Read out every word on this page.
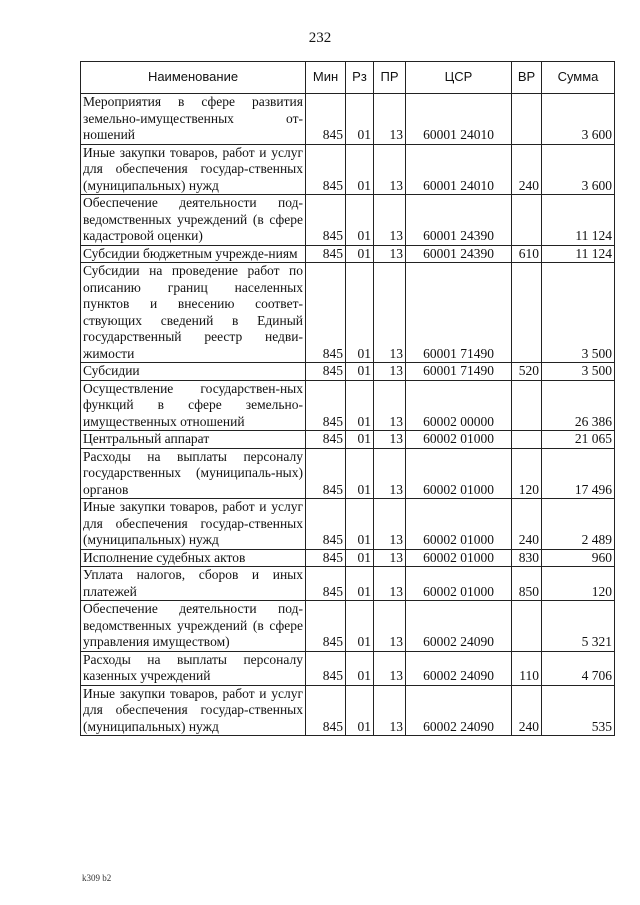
232
Наименование	Мин	Рз	ПР	ЦСР	ВР	Сумма
Мероприятия в сфере развития земельно-имущественных от-ношений	845	01	13	60001 24010		3 600
Иные закупки товаров, работ и услуг для обеспечения государ-ственных (муниципальных) нужд	845	01	13	60001 24010	240	3 600
Обеспечение деятельности под-ведомственных учреждений (в сфере кадастровой оценки)	845	01	13	60001 24390		11 124
Субсидии бюджетным учрежде-ниям	845	01	13	60001 24390	610	11 124
Субсидии на проведение работ по описанию границ населенных пунктов и внесению соответ-ствующих сведений в Единый государственный реестр недви-жимости	845	01	13	60001 71490		3 500
Субсидии	845	01	13	60001 71490	520	3 500
Осуществление государствен-ных функций в сфере земельно-имущественных отношений	845	01	13	60002 00000		26 386
Центральный аппарат	845	01	13	60002 01000		21 065
Расходы на выплаты персоналу государственных (муниципаль-ных) органов	845	01	13	60002 01000	120	17 496
Иные закупки товаров, работ и услуг для обеспечения государ-ственных (муниципальных) нужд	845	01	13	60002 01000	240	2 489
Исполнение судебных актов	845	01	13	60002 01000	830	960
Уплата налогов, сборов и иных платежей	845	01	13	60002 01000	850	120
Обеспечение деятельности под-ведомственных учреждений (в сфере управления имуществом)	845	01	13	60002 24090		5 321
Расходы на выплаты персоналу казенных учреждений	845	01	13	60002 24090	110	4 706
Иные закупки товаров, работ и услуг для обеспечения государ-ственных (муниципальных) нужд	845	01	13	60002 24090	240	535
k309 b2
